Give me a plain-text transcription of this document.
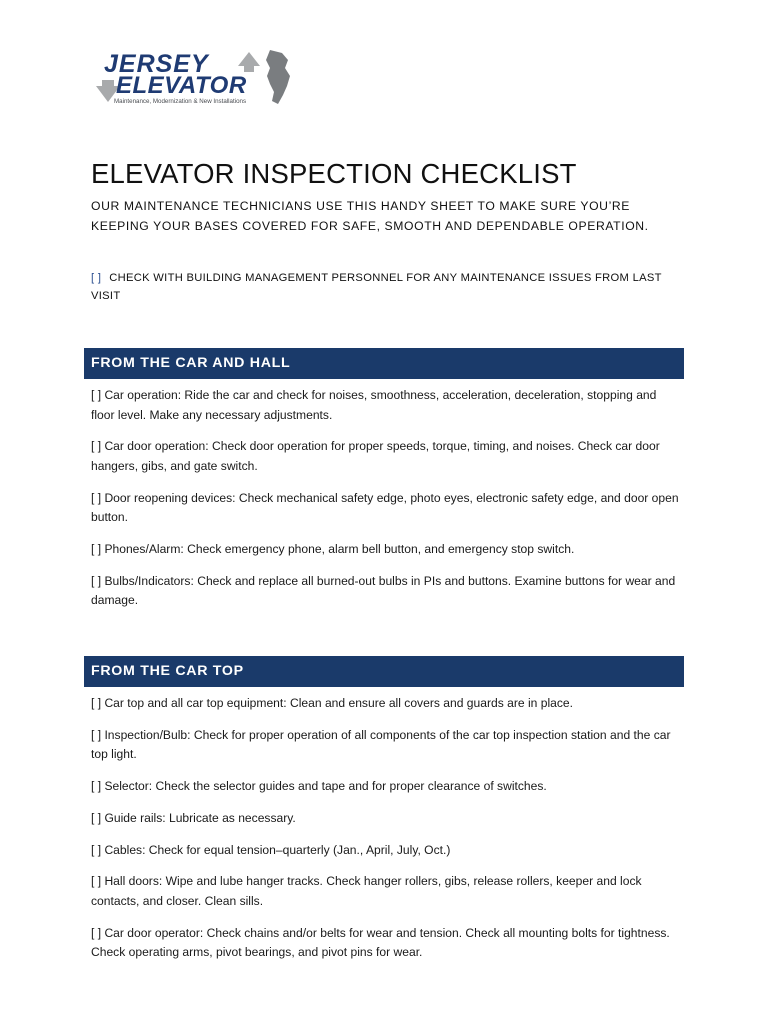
JERSEY
ELEVATOR
Maintenance, Modernization & New Installations
ELEVATOR INSPECTION CHECKLIST

OUR MAINTENANCE TECHNICIANS USE THIS HANDY SHEET TO MAKE SURE YOU’RE KEEPING YOUR BASES COVERED FOR SAFE, SMOOTH AND DEPENDABLE OPERATION.

[ ] CHECK WITH BUILDING MANAGEMENT PERSONNEL FOR ANY MAINTENANCE ISSUES FROM LAST VISIT

FROM THE CAR AND HALL
[ ] Car operation: Ride the car and check for noises, smoothness, acceleration, deceleration, stopping and floor level. Make any necessary adjustments.
[ ] Car door operation: Check door operation for proper speeds, torque, timing, and noises. Check car door hangers, gibs, and gate switch.
[ ] Door reopening devices: Check mechanical safety edge, photo eyes, electronic safety edge, and door open button.
[ ] Phones/Alarm: Check emergency phone, alarm bell button, and emergency stop switch.
[ ] Bulbs/Indicators: Check and replace all burned-out bulbs in PIs and buttons. Examine buttons for wear and damage.
FROM THE CAR TOP
[ ] Car top and all car top equipment: Clean and ensure all covers and guards are in place.
[ ] Inspection/Bulb: Check for proper operation of all components of the car top inspection station and the car top light.
[ ] Selector: Check the selector guides and tape and for proper clearance of switches.
[ ] Guide rails: Lubricate as necessary.
[ ] Cables: Check for equal tension–quarterly (Jan., April, July, Oct.)
[ ] Hall doors: Wipe and lube hanger tracks. Check hanger rollers, gibs, release rollers, keeper and lock contacts, and closer. Clean sills.
[ ] Car door operator: Check chains and/or belts for wear and tension. Check all mounting bolts for tightness. Check operating arms, pivot bearings, and pivot pins for wear.
